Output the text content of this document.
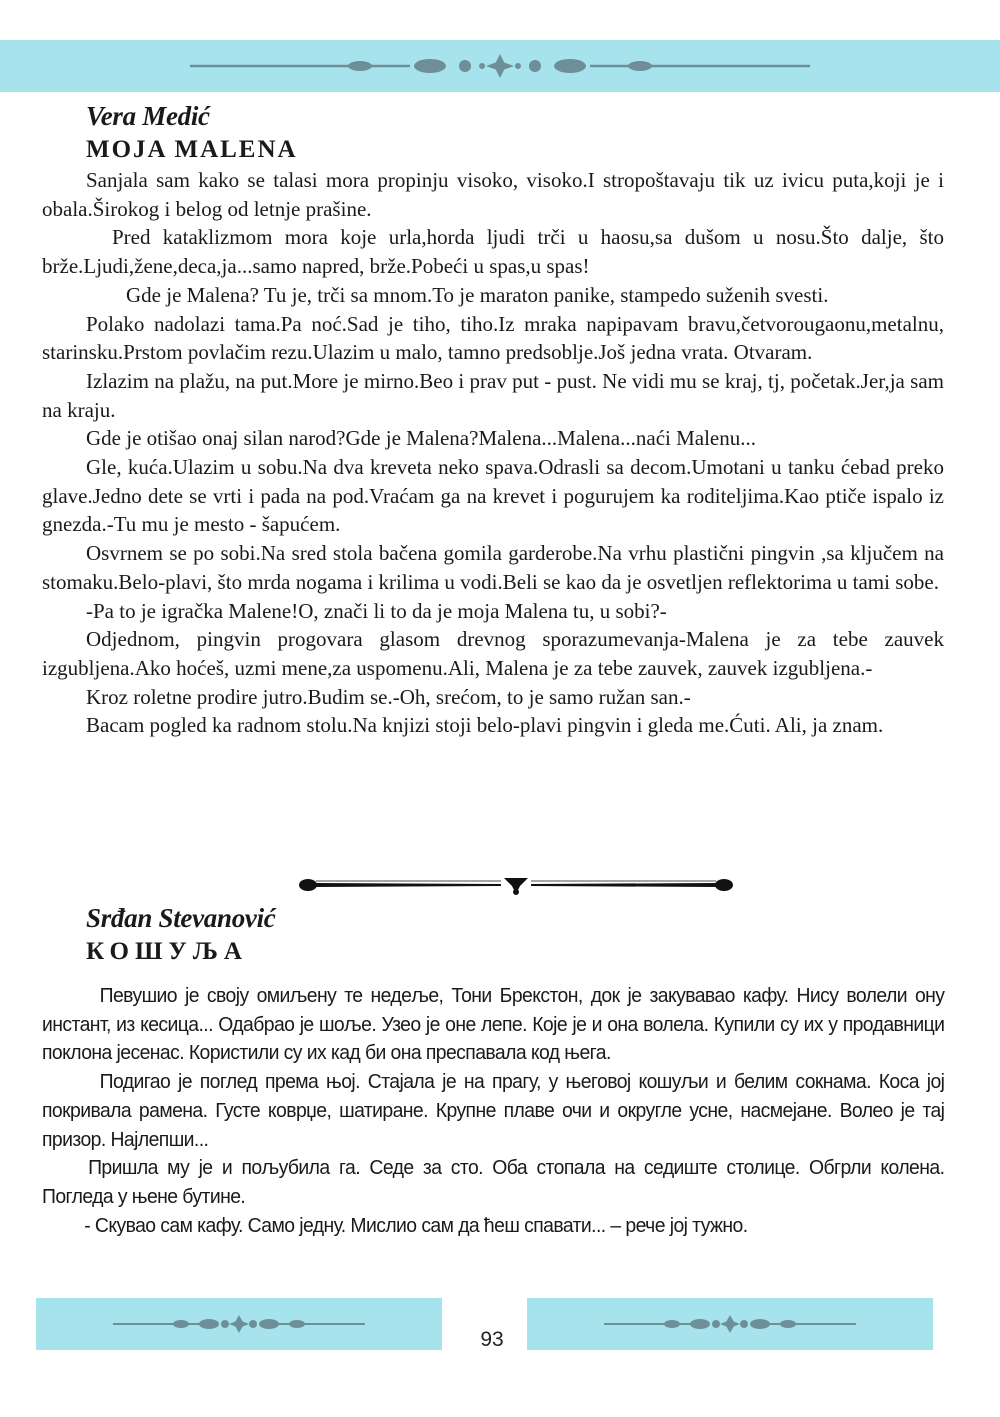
Vera Medić
MOJA MALENA

Sanjala sam kako se talasi mora propinju visoko, visoko.I stropoštavaju tik uz ivicu puta,koji je i obala.Širokog i belog od letnje prašine.

Pred kataklizmom mora koje urla,horda ljudi trči u haosu,sa dušom u nosu.Što dalje, što brže.Ljudi,žene,deca,ja...samo napred, brže.Pobeći u spas,u spas!

Gde je Malena? Tu je, trči sa mnom.To je maraton panike, stampedo suženih svesti.

Polako nadolazi tama.Pa noć.Sad je tiho, tiho.Iz mraka napipavam bravu,četvorougaonu,metalnu, starinsku.Prstom povlačim rezu.Ulazim u malo, tamno predsoblje.Još jedna vrata. Otvaram.

Izlazim na plažu, na put.More je mirno.Beo i prav put - pust. Ne vidi mu se kraj, tj, početak.Jer,ja sam na kraju.

Gde je otišao onaj silan narod?Gde je Malena?Malena...Malena...naći Malenu...

Gle, kuća.Ulazim u sobu.Na dva kreveta neko spava.Odrasli sa decom.Umotani u tanku ćebad preko glave.Jedno dete se vrti i pada na pod.Vraćam ga na krevet i pogurujem ka roditeljima.Kao ptiče ispalo iz gnezda.-Tu mu je mesto - šapućem.

Osvrnem se po sobi.Na sred stola bačena gomila garderobe.Na vrhu plastični pingvin ,sa ključem na stomaku.Belo-plavi, što mrda nogama i krilima u vodi.Beli se kao da je osvetljen reflektorima u tami sobe.

-Pa to je igračka Malene!O, znači li to da je moja Malena tu, u sobi?-

Odjednom, pingvin progovara glasom drevnog sporazumevanja-Malena je za tebe zauvek izgubljena.Ako hoćeš, uzmi mene,za uspomenu.Ali, Malena je za tebe zauvek, zauvek izgubljena.-

Kroz roletne prodire jutro.Budim se.-Oh, srećom, to je samo ružan san.-

Bacam pogled ka radnom stolu.Na knjizi stoji belo-plavi pingvin i gleda me.Ćuti. Ali, ja znam.

Srđan Stevanović
КОШУЉА

Певушио је своју омиљену те недеље, Тони Брекстон, док је закувавао кафу. Нису волели ону инстант, из кесица... Одабрао је шоље. Узео је оне лепе. Које је и она волела. Купили су их у продавници поклона јесенас. Користили су их кад би она преспавала код њега.

Подигао је поглед према њој. Стајала је на прагу, у његовој кошуљи и белим сокнама. Коса јој покривала рамена. Густе коврџе, шатиране. Крупне плаве очи и округле усне, насмејане. Волео је тај призор. Најлепши...

Пришла му је и пољубила га. Седе за сто. Оба стопала на седиште столице. Обгрли колена. Погледа у њене бутине.

- Скувао сам кафу. Само једну. Мислио сам да ћеш спавати... – рече јој тужно.

93
